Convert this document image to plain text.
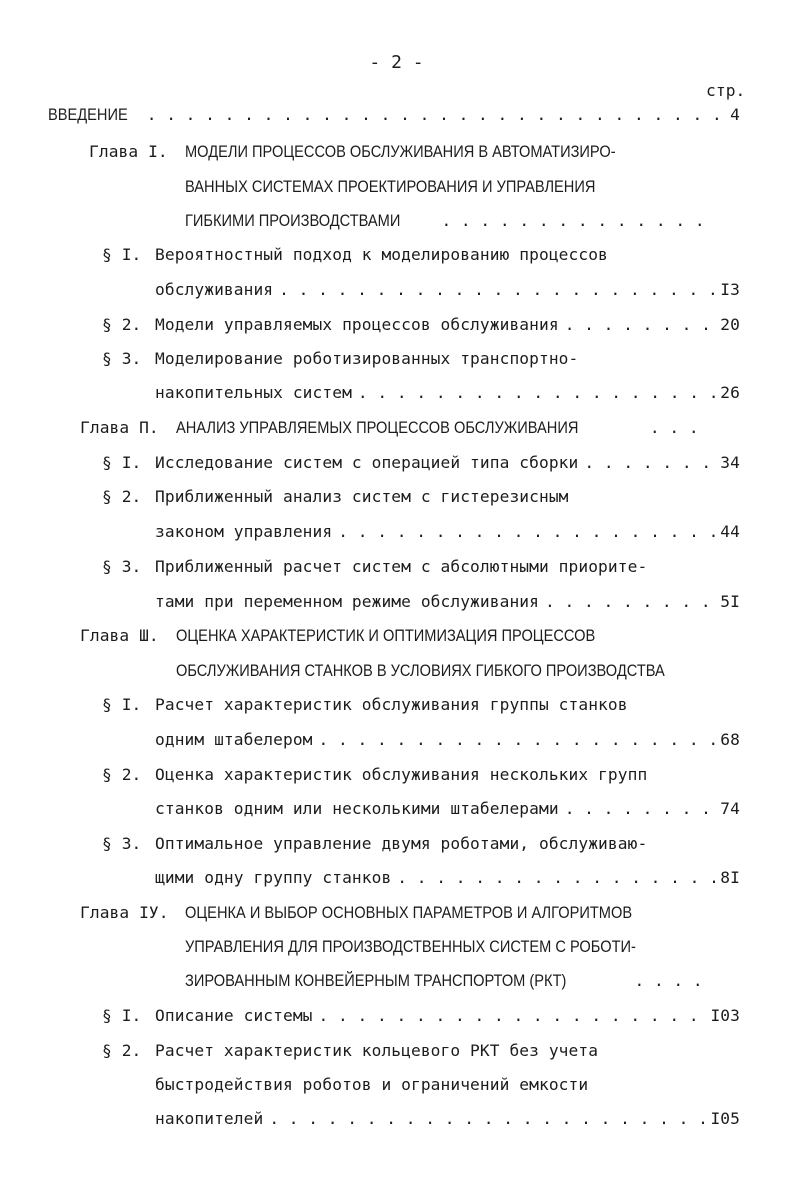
- 2 -
стр.
ВВЕДЕНИЕ . . .	4
Глава I. МОДЕЛИ ПРОЦЕССОВ ОБСЛУЖИВАНИЯ В АВТОМАТИЗИРО-
ВАННЫХ СИСТЕМАХ ПРОЕКТИРОВАНИЯ И УПРАВЛЕНИЯ
ГИБКИМИ ПРОИЗВОДСТВАМИ
. . .
§ I. Вероятностный подход к моделированию процессов
обслуживания . . .	I3
§ 2. Модели управляемых процессов обслуживания . . .	20
§ 3. Моделирование роботизированных транспортно-
накопительных систем . . .	26
Глава П. АНАЛИЗ УПРАВЛЯЕМЫХ ПРОЦЕССОВ ОБСЛУЖИВАНИЯ
. . .
§ I. Исследование систем с операцией типа сборки . . .	34
§ 2. Приближенный анализ систем с гистерезисным
законом управления . . .	44
§ 3. Приближенный расчет систем с абсолютными приорите-
тами при переменном режиме обслуживания . . .	5I
Глава Ш. ОЦЕНКА ХАРАКТЕРИСТИК И ОПТИМИЗАЦИЯ ПРОЦЕССОВ
ОБСЛУЖИВАНИЯ СТАНКОВ В УСЛОВИЯХ ГИБКОГО ПРОИЗВОДСТВА
§ I. Расчет характеристик обслуживания группы станков
одним штабелером . . .	68
§ 2. Оценка характеристик обслуживания нескольких групп
станков одним или несколькими штабелерами . . .	74
§ 3. Оптимальное управление двумя роботами, обслуживаю-
щими одну группу станков . . .	8I
Глава IУ. ОЦЕНКА И ВЫБОР ОСНОВНЫХ ПАРАМЕТРОВ И АЛГОРИТМОВ
УПРАВЛЕНИЯ ДЛЯ ПРОИЗВОДСТВЕННЫХ СИСТЕМ С РОБОТИ-
ЗИРОВАННЫМ КОНВЕЙЕРНЫМ ТРАНСПОРТОМ (РКТ)
. . .
§ I. Описание системы . . .	I03
§ 2. Расчет характеристик кольцевого РКТ без учета
быстродействия роботов и ограничений емкости
накопителей . . .	I05
